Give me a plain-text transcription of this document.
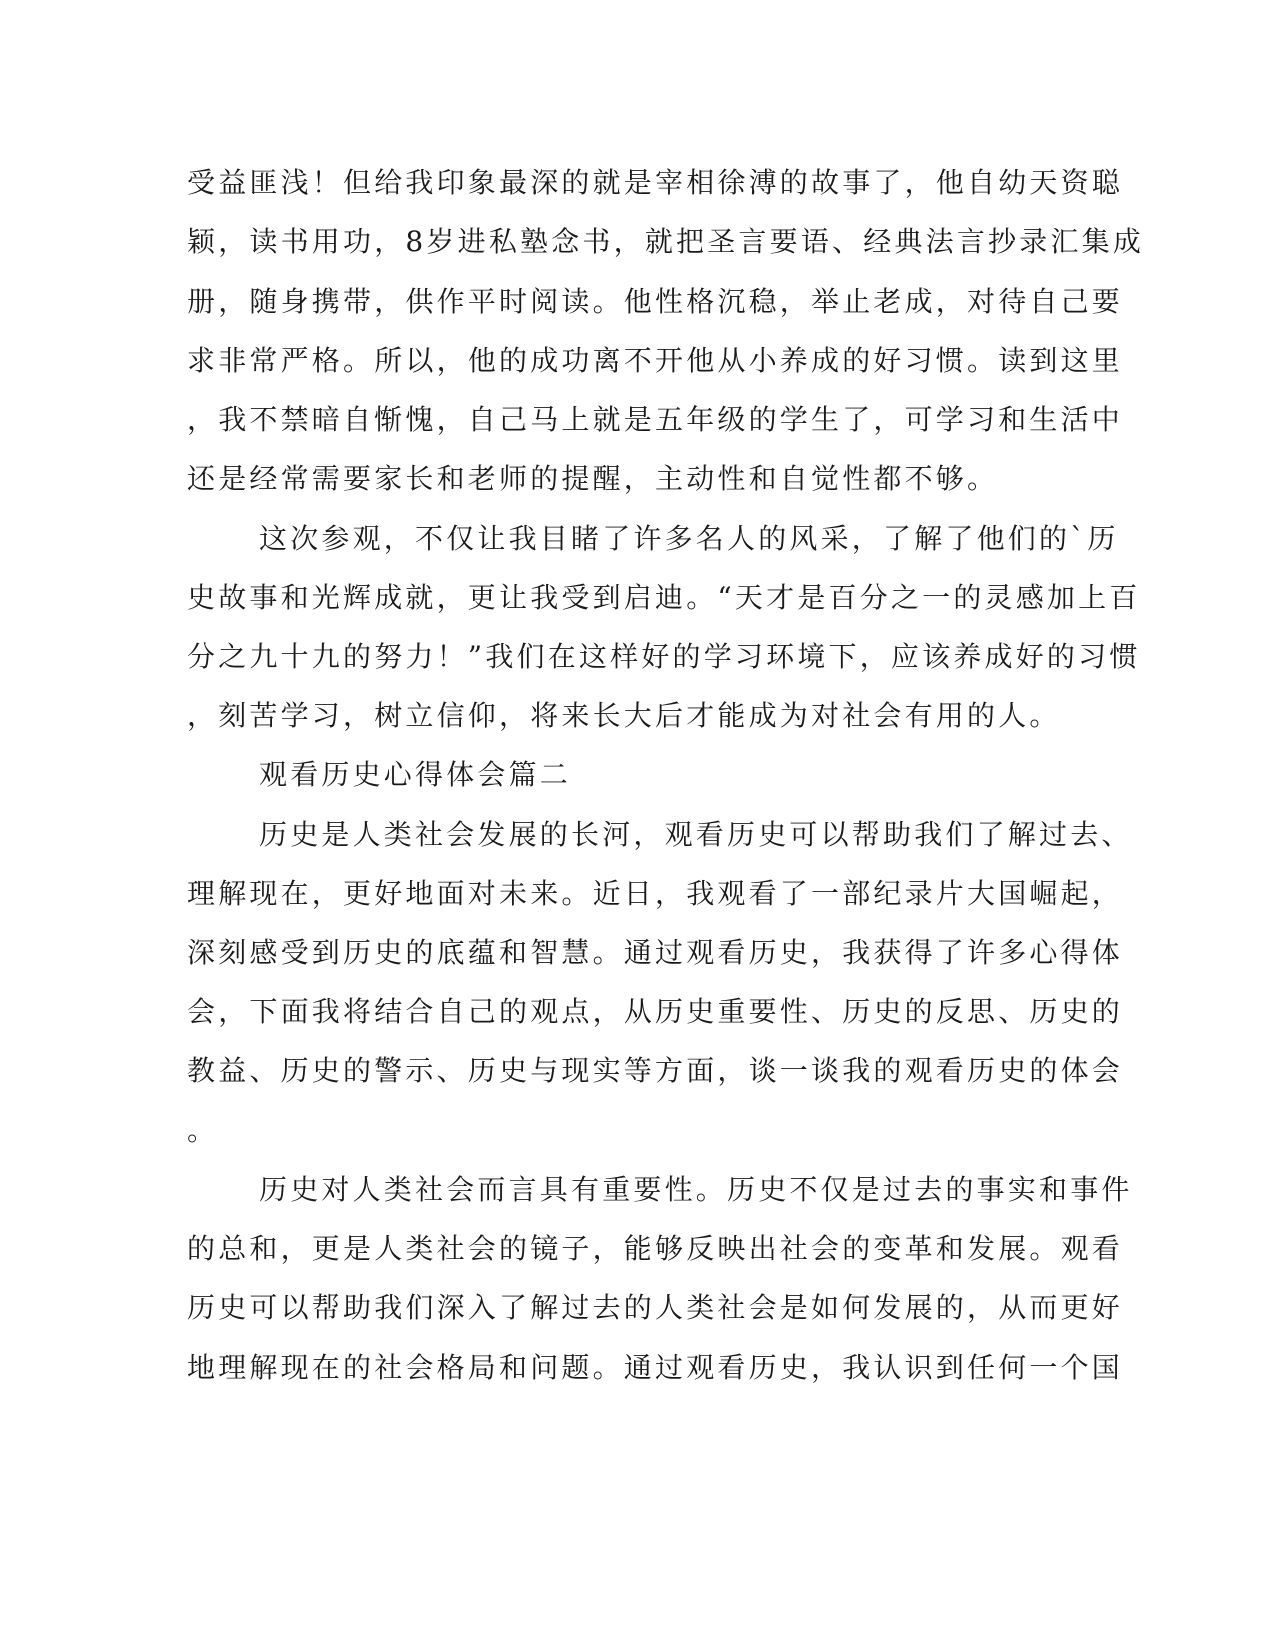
受益匪浅！但给我印象最深的就是宰相徐溥的故事了，他自幼天资聪
颖，读书用功，8岁进私塾念书，就把圣言要语、经典法言抄录汇集成
册，随身携带，供作平时阅读。他性格沉稳，举止老成，对待自己要
求非常严格。所以，他的成功离不开他从小养成的好习惯。读到这里
，我不禁暗自惭愧，自己马上就是五年级的学生了，可学习和生活中
还是经常需要家长和老师的提醒，主动性和自觉性都不够。
这次参观，不仅让我目睹了许多名人的风采，了解了他们的`历
史故事和光辉成就，更让我受到启迪。“天才是百分之一的灵感加上百
分之九十九的努力！”我们在这样好的学习环境下，应该养成好的习惯
，刻苦学习，树立信仰，将来长大后才能成为对社会有用的人。
观看历史心得体会篇二
历史是人类社会发展的长河，观看历史可以帮助我们了解过去、
理解现在，更好地面对未来。近日，我观看了一部纪录片大国崛起，
深刻感受到历史的底蕴和智慧。通过观看历史，我获得了许多心得体
会，下面我将结合自己的观点，从历史重要性、历史的反思、历史的
教益、历史的警示、历史与现实等方面，谈一谈我的观看历史的体会
。
历史对人类社会而言具有重要性。历史不仅是过去的事实和事件
的总和，更是人类社会的镜子，能够反映出社会的变革和发展。观看
历史可以帮助我们深入了解过去的人类社会是如何发展的，从而更好
地理解现在的社会格局和问题。通过观看历史，我认识到任何一个国
